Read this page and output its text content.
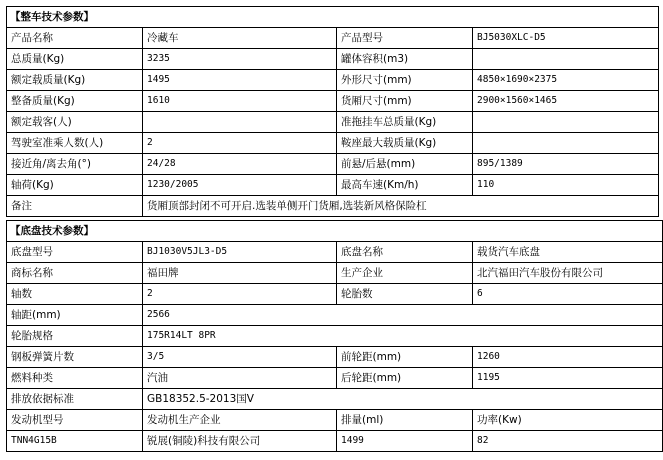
【整车技术参数】			
产品名称	冷藏车	产品型号	BJ5030XLC-D5
总质量(Kg)	3235	罐体容积(m3)	
额定载质量(Kg)	1495	外形尺寸(mm)	4850×1690×2375
整备质量(Kg)	1610	货厢尺寸(mm)	2900×1560×1465
额定载客(人)		准拖挂车总质量(Kg)	
驾驶室准乘人数(人)	2	鞍座最大载质量(Kg)	
接近角/离去角(°)	24/28	前悬/后悬(mm)	895/1389
轴荷(Kg)	1230/2005	最高车速(Km/h)	110
备注	货厢顶部封闭不可开启.选装单侧开门货厢,选装新风格保险杠		
【底盘技术参数】			
底盘型号	BJ1030V5JL3-D5	底盘名称	载货汽车底盘
商标名称	福田牌	生产企业	北汽福田汽车股份有限公司
轴数	2	轮胎数	6
轴距(mm)	2566		
轮胎规格	175R14LT 8PR		
钢板弹簧片数	3/5	前轮距(mm)	1260
燃料种类	汽油	后轮距(mm)	1195
排放依据标准	GB18352.5-2013国V		
发动机型号	发动机生产企业	排量(ml)	功率(Kw)
TNN4G15B	锐展(铜陵)科技有限公司	1499	82
